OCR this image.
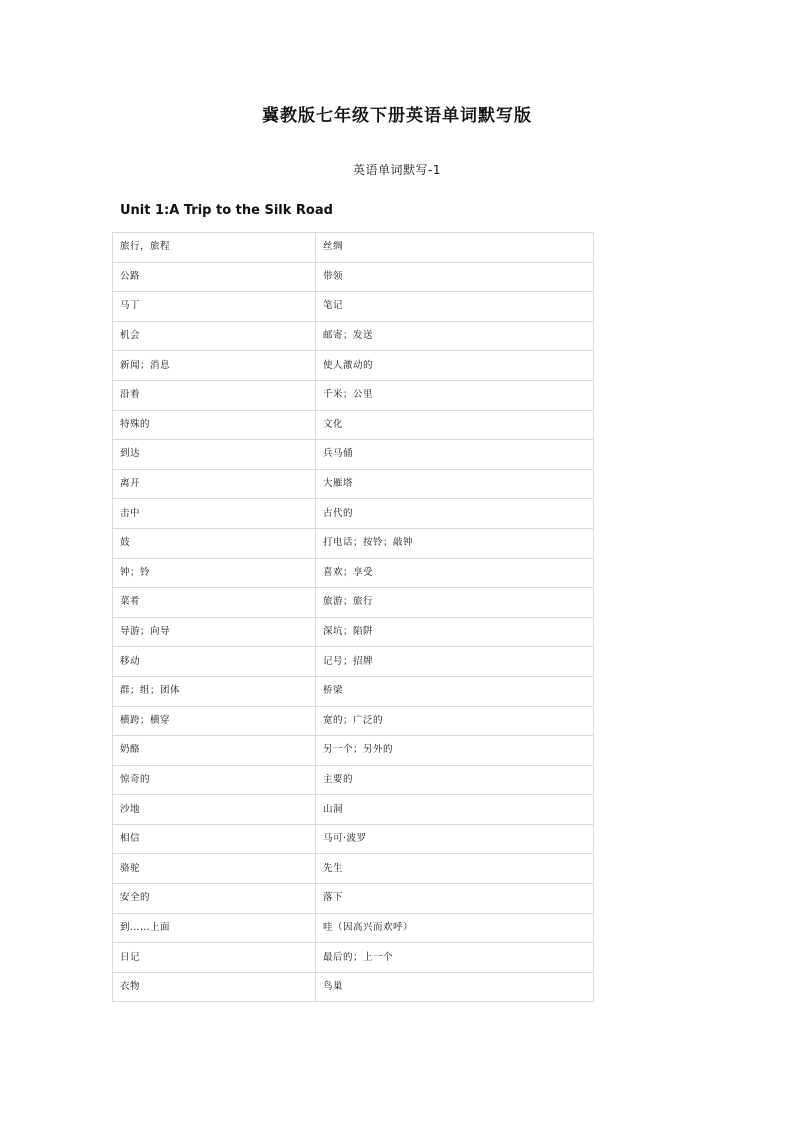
冀教版七年级下册英语单词默写版
英语单词默写-1
Unit 1:A Trip to the Silk Road
旅行，旅程	丝绸
公路	带领
马丁	笔记
机会	邮寄；发送
新闻；消息	使人激动的
沿着	千米；公里
特殊的	文化
到达	兵马俑
离开	大雁塔
击中	古代的
鼓	打电话；按铃；敲钟
钟；铃	喜欢；享受
菜肴	旅游；旅行
导游；向导	深坑；陷阱
移动	记号；招牌
群；组；团体	桥梁
横跨；横穿	宽的；广泛的
奶酪	另一个；另外的
惊奇的	主要的
沙地	山洞
相信	马可·波罗
骆驼	先生
安全的	落下
到……上面	哇（因高兴而欢呼）
日记	最后的；上一个
衣物	鸟巢
